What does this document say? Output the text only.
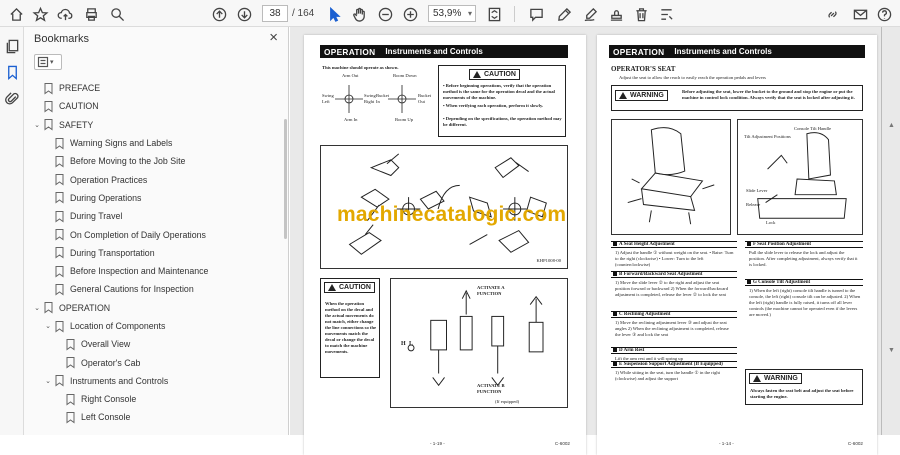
38	/ 164	53,9% ▾
Bookmarks	×
▾
PREFACE
CAUTION
⌄ SAFETY
Warning Signs and Labels
Before Moving to the Job Site
Operation Practices
During Operations
During Travel
On Completion of Daily Operations
During Transportation
Before Inspection and Maintenance
General Cautions for Inspection
⌄ OPERATION
⌄ Location of Components
Overall View
Operator's Cab
⌄ Instruments and Controls
Right Console
Left Console
OPERATION	Instruments and Controls
This machine should operate as shown.
Arm Out	Boom Down
Swing Left
Swing Right
Bucket In
Bucket Out
Arm In	Boom Up
CAUTION
• Before beginning operations, verify that the operation method is the same for the operation decal and the actual movements of the machine.
• When verifying each operation, perform it slowly.
• Depending on the specifications, the operation method may be different.
KHP1008-00
CAUTION
When the operation method on the decal and the actual movements do not match, either change the line connections so the movements match the decal or change the decal to match the machine movements.
H L
ACTIVATE A FUNCTION
ACTIVATE B FUNCTION
(If equipped)
- 1-19 -	C-6002
machinecatalogic.com
OPERATION	Instruments and Controls
OPERATOR'S SEAT
Adjust the seat to allow the reach to easily reach the operation pedals and levers
WARNING
Before adjusting the seat, lower the bucket to the ground and stop the engine or put the machine in control lock condition. Always verify that the seat is locked after adjusting it.
Console Tilt Handle
Tilt Adjustment Positions
Slide Lever
Release
Lock
A Seat Height Adjustment
1) Adjust the handle ① without weight on the seat. • Raise: Turn to the right (clockwise) • Lower: Turn to the left (counterclockwise)
B Forward/Backward Seat Adjustment
1) Move the slide lever ② to the right and adjust the seat position forward or backward 2) When the forward/backward adjustment is completed, release the lever ② to lock the seat
C Reclining Adjustment
1) Move the reclining adjustment lever ③ and adjust the seat angles 2) When the reclining adjustment is completed, release the lever ③ and lock the seat
D Arm Rest
Lift the arm rest and it will spring up
E Suspension Support Adjustment (If Equipped)
1) While sitting in the seat, turn the handle ① in the right (clockwise) and adjust the support
F Seat Position Adjustment
Pull the slide lever to release the lock and adjust the position. After completing adjustment, always verify that it is locked.
G Console Tilt Adjustment
1) When the left (right) console tilt handle is turned to the console, the left (right) console tilt can be adjusted. 2) When the left (right) handle is fully raised, it turns off all lever controls (the machine cannot be operated even if the levers are moved.)
WARNING
Always fasten the seat belt and adjust the seat before starting the engine.
- 1-14 -	C-6002
▲
▼
